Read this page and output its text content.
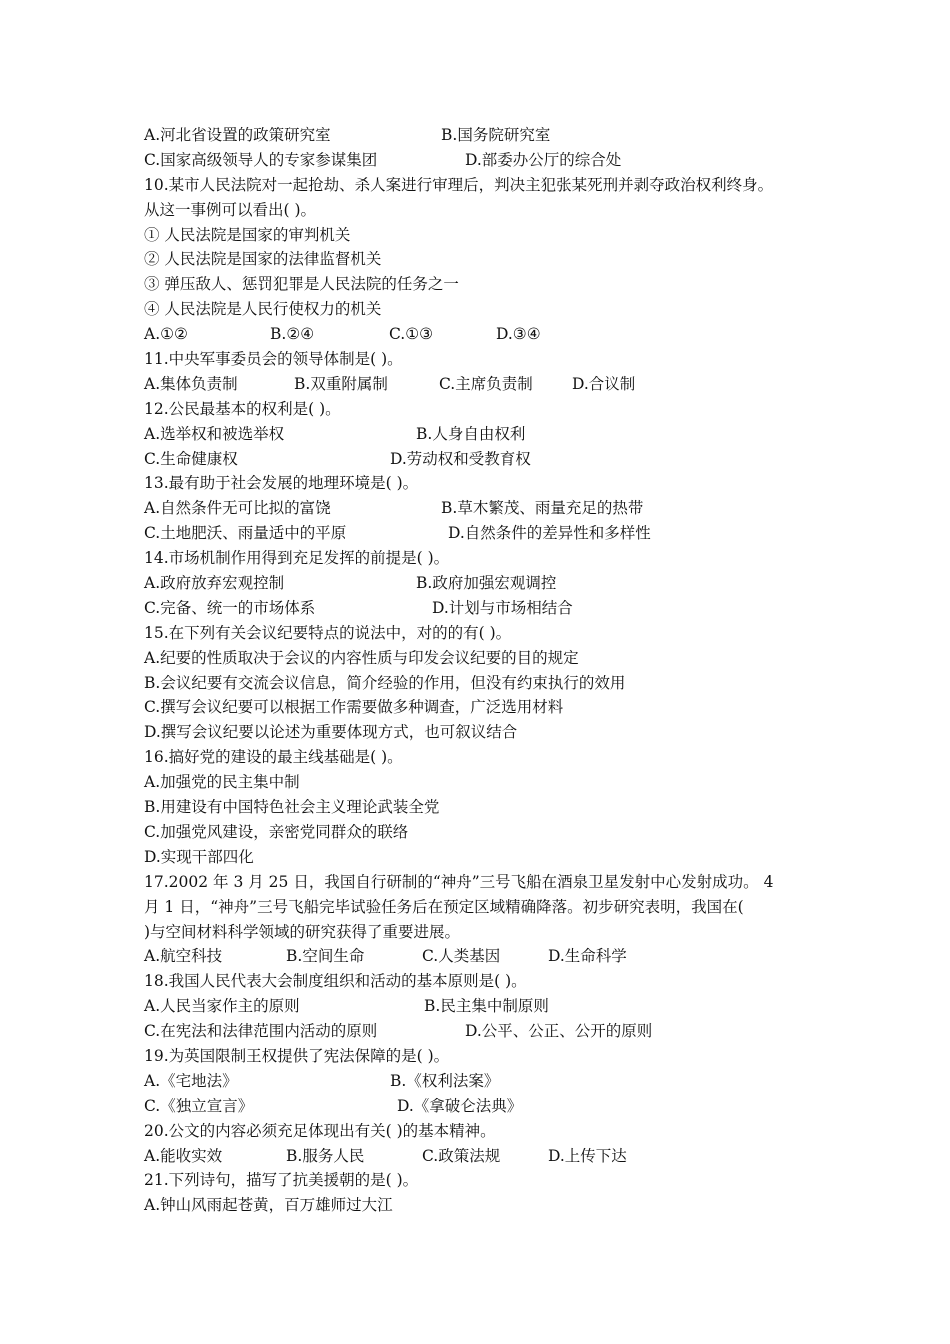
A.河北省设置的政策研究室	B.国务院研究室
C.国家高级领导人的专家参谋集团	D.部委办公厅的综合处
10.某市人民法院对一起抢劫、杀人案进行审理后，判决主犯张某死刑并剥夺政治权利终身。
从这一事例可以看出( )。
① 人民法院是国家的审判机关
② 人民法院是国家的法律监督机关
③ 弹压敌人、惩罚犯罪是人民法院的任务之一
④ 人民法院是人民行使权力的机关
A.①②	B.②④	C.①③	D.③④
11.中央军事委员会的领导体制是( )。
A.集体负责制	B.双重附属制	C.主席负责制	D.合议制
12.公民最基本的权利是( )。
A.选举权和被选举权	B.人身自由权利
C.生命健康权	D.劳动权和受教育权
13.最有助于社会发展的地理环境是( )。
A.自然条件无可比拟的富饶	B.草木繁茂、雨量充足的热带
C.土地肥沃、雨量适中的平原	D.自然条件的差异性和多样性
14.市场机制作用得到充足发挥的前提是( )。
A.政府放弃宏观控制	B.政府加强宏观调控
C.完备、统一的市场体系	D.计划与市场相结合
15.在下列有关会议纪要特点的说法中，对的的有( )。
A.纪要的性质取决于会议的内容性质与印发会议纪要的目的规定
B.会议纪要有交流会议信息，简介经验的作用，但没有约束执行的效用
C.撰写会议纪要可以根据工作需要做多种调查，广泛选用材料
D.撰写会议纪要以论述为重要体现方式，也可叙议结合
16.搞好党的建设的最主线基础是( )。
A.加强党的民主集中制
B.用建设有中国特色社会主义理论武装全党
C.加强党风建设，亲密党同群众的联络
D.实现干部四化
17.2002 年 3 月 25 日，我国自行研制的“神舟”三号飞船在酒泉卫星发射中心发射成功。 4
月 1 日，“神舟”三号飞船完毕试验任务后在预定区域精确降落。初步研究表明，我国在(
)与空间材料科学领域的研究获得了重要进展。
A.航空科技	B.空间生命	C.人类基因	D.生命科学
18.我国人民代表大会制度组织和活动的基本原则是( )。
A.人民当家作主的原则	B.民主集中制原则
C.在宪法和法律范围内活动的原则	D.公平、公正、公开的原则
19.为英国限制王权提供了宪法保障的是( )。
A.《宅地法》	B.《权利法案》
C.《独立宣言》	D.《拿破仑法典》
20.公文的内容必须充足体现出有关( )的基本精神。
A.能收实效	B.服务人民	C.政策法规	D.上传下达
21.下列诗句，描写了抗美援朝的是( )。
A.钟山风雨起苍黄，百万雄师过大江
